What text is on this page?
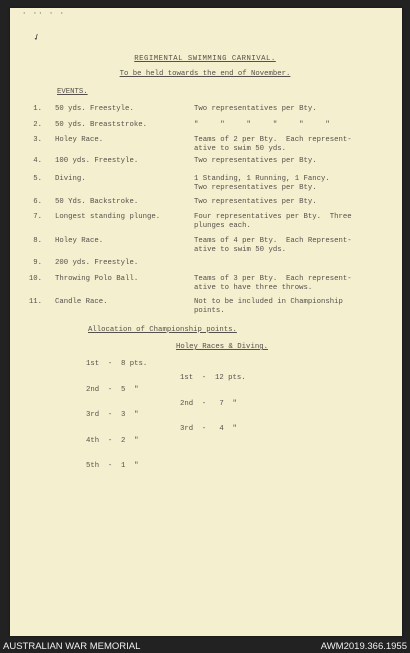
· ·· · ·
✓
REGIMENTAL SWIMMING CARNIVAL.
To be held towards the end of November.
EVENTS.
1. 50 yds. Freestyle.	Two representatives per Bty.
2. 50 yds. Breaststroke.	"     "     "     "     "     "
3. Holey Race.	Teams of 2 per Bty.  Each represent-
ative to swim 50 yds.
4. 100 yds. Freestyle.	Two representatives per Bty.
5. Diving.	1 Standing, 1 Running, 1 Fancy.
Two representatives per Bty.
6. 50 Yds. Backstroke.	Two representatives per Bty.
7. Longest standing plunge.	Four representatives per Bty.  Three
plunges each.
8. Holey Race.	Teams of 4 per Bty.  Each Represent-
ative to swim 50 yds.
9. 200 yds. Freestyle.
10. Throwing Polo Ball.	Teams of 3 per Bty.  Each represent-
ative to have three throws.
11. Candle Race.	Not to be included in Championship
points.
Allocation of Championship points.
Holey Races & Diving.

1st  -  8 pts.

2nd  -  5  "

3rd  -  3  "

4th  -  2  "

5th  -  1  "

1st  -  12 pts.

2nd  -   7  "

3rd  -   4  "

AUSTRALIAN WAR MEMORIAL	AWM2019.366.1955
